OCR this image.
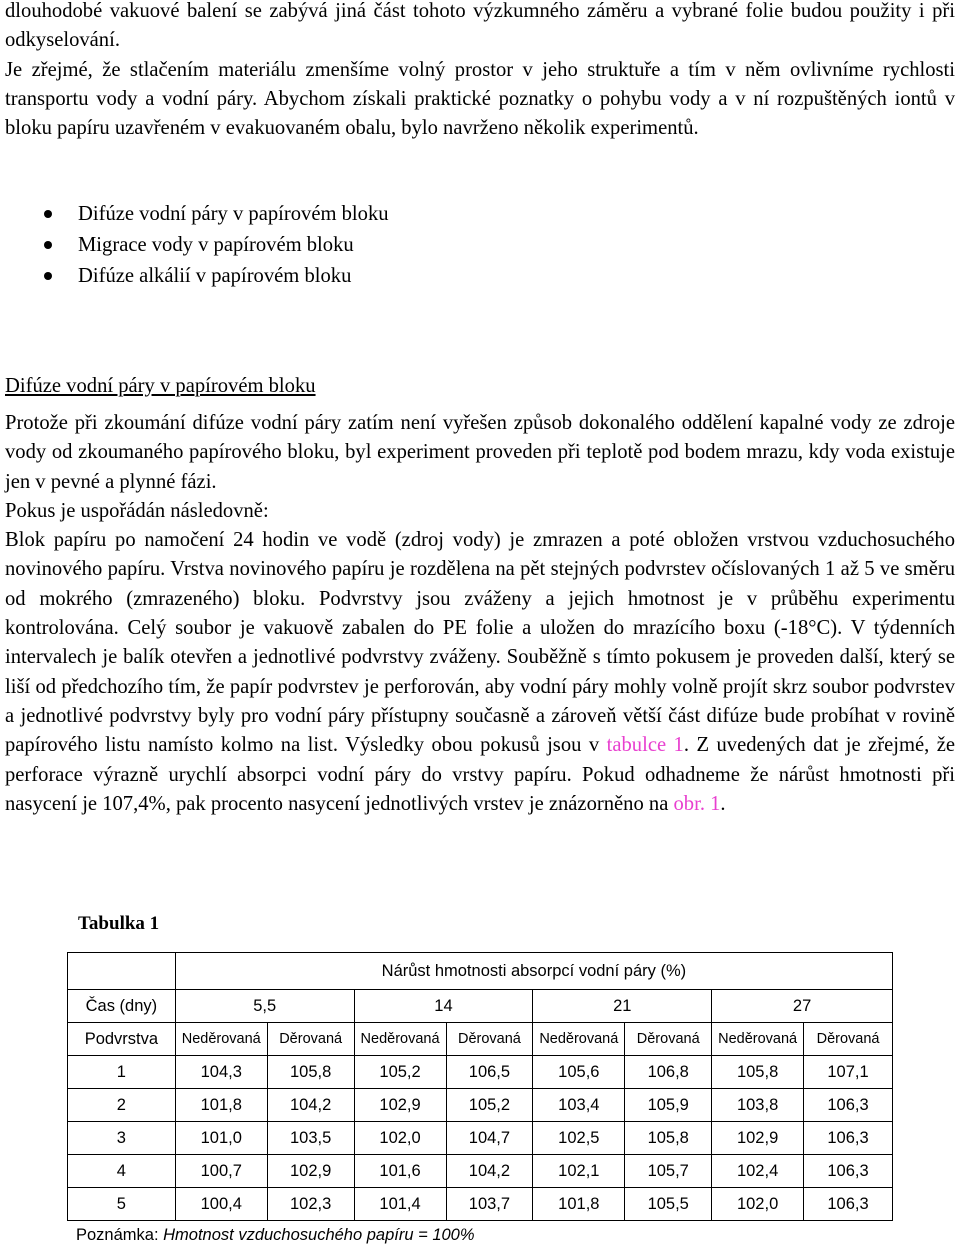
dlouhodobé vakuové balení se zabývá jiná část tohoto výzkumného záměru a vybrané folie budou použity i při odkyselování.

Je zřejmé, že stlačením materiálu zmenšíme volný prostor v jeho struktuře a tím v něm ovlivníme rychlosti transportu vody a vodní páry. Abychom získali praktické poznatky o pohybu vody a v ní rozpuštěných iontů v bloku papíru uzavřeném v evakuovaném obalu, bylo navrženo několik experimentů.

Difúze vodní páry v papírovém bloku
Migrace vody v papírovém bloku
Difúze alkálií v papírovém bloku

Difúze vodní páry v papírovém bloku

Protože při zkoumání difúze vodní páry zatím není vyřešen způsob dokonalého oddělení kapalné vody ze zdroje vody od zkoumaného papírového bloku, byl experiment proveden při teplotě pod bodem mrazu, kdy voda existuje jen v pevné a plynné fázi.

Pokus je uspořádán následovně:

Blok papíru po namočení 24 hodin ve vodě (zdroj vody) je zmrazen a poté obložen vrstvou vzduchosuchého novinového papíru. Vrstva novinového papíru je rozdělena na pět stejných podvrstev očíslovaných 1 až 5 ve směru od mokrého (zmrazeného) bloku. Podvrstvy jsou zváženy a jejich hmotnost je v průběhu experimentu kontrolována. Celý soubor je vakuově zabalen do PE folie a uložen do mrazícího boxu (-18°C). V týdenních intervalech je balík otevřen a jednotlivé podvrstvy zváženy. Souběžně s tímto pokusem je proveden další, který se liší od předchozího tím, že papír podvrstev je perforován, aby vodní páry mohly volně projít skrz soubor podvrstev a jednotlivé podvrstvy byly pro vodní páry přístupny současně a zároveň větší část difúze bude probíhat v rovině papírového listu namísto kolmo na list. Výsledky obou pokusů jsou v tabulce 1. Z uvedených dat je zřejmé, že perforace výrazně urychlí absorpci vodní páry do vrstvy papíru. Pokud odhadneme že nárůst hmotnosti při nasycení je 107,4%, pak procento nasycení jednotlivých vrstev je znázorněno na obr. 1.

Tabulka 1

	Nárůst hmotnosti absorpcí vodní páry (%)							
Čas (dny)	5,5		14		21		27	
Podvrstva	Neděrovaná	Děrovaná	Neděrovaná	Děrovaná	Neděrovaná	Děrovaná	Neděrovaná	Děrovaná
1	104,3	105,8	105,2	106,5	105,6	106,8	105,8	107,1
2	101,8	104,2	102,9	105,2	103,4	105,9	103,8	106,3
3	101,0	103,5	102,0	104,7	102,5	105,8	102,9	106,3
4	100,7	102,9	101,6	104,2	102,1	105,7	102,4	106,3
5	100,4	102,3	101,4	103,7	101,8	105,5	102,0	106,3

Poznámka: Hmotnost vzduchosuchého papíru = 100%
